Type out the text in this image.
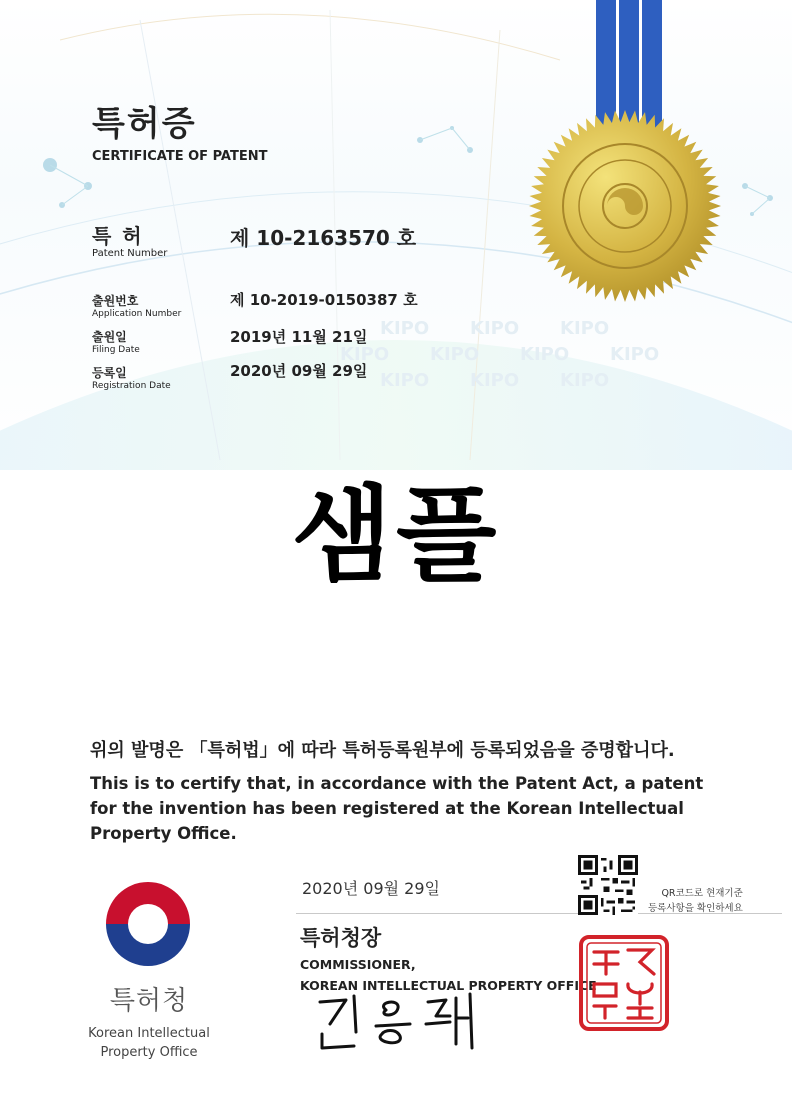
KIPO KIPO KIPO
KIPO KIPO KIPO KIPO
KIPO KIPO KIPO
특허증
CERTIFICATE OF PATENT
특 허
Patent Number
제 10-2163570 호
출원번호
Application Number
제 10-2019-0150387 호
출원일
Filing Date
2019년 11월 21일
등록일
Registration Date
2020년 09월 29일
샘플
위의 발명은 「특허법」에 따라 특허등록원부에 등록되었음을 증명합니다.
This is to certify that, in accordance with the Patent Act, a patent for the invention has been registered at the Korean Intellectual Property Office.
특허청
Korean Intellectual
Property Office
2020년 09월 29일
특허청장
COMMISSIONER,
KOREAN INTELLECTUAL PROPERTY OFFICE
QR코드로 현재기준
등록사항을 확인하세요
